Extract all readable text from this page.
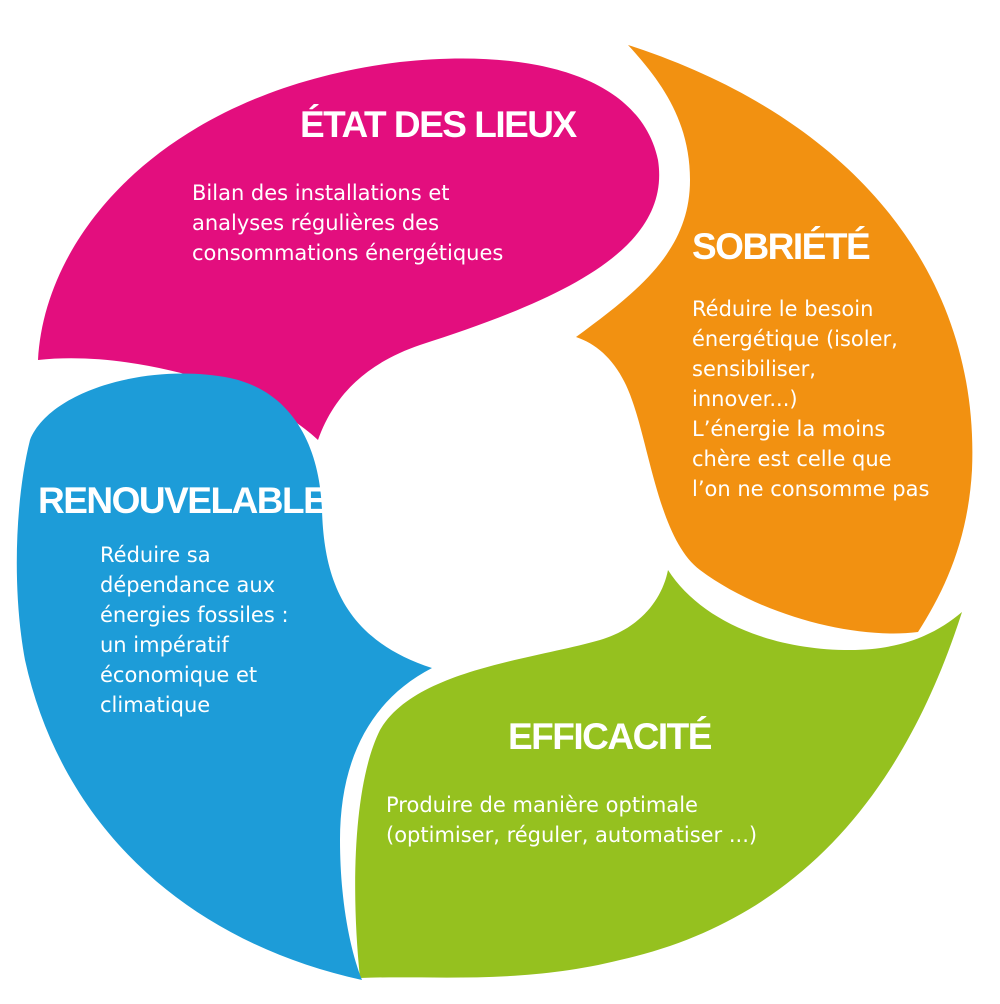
ÉTAT DES LIEUX
SOBRIÉTÉ
EFFICACITÉ
RENOUVELABLE
Bilan des installations et
analyses régulières des
consommations énergétiques
Réduire le besoin
énergétique (isoler,
sensibiliser,
innover...)
L’énergie la moins
chère est celle que
l’on ne consomme pas
Produire de manière optimale
(optimiser, réguler, automatiser ...)
Réduire sa
dépendance aux
énergies fossiles :
un impératif
économique et
climatique
